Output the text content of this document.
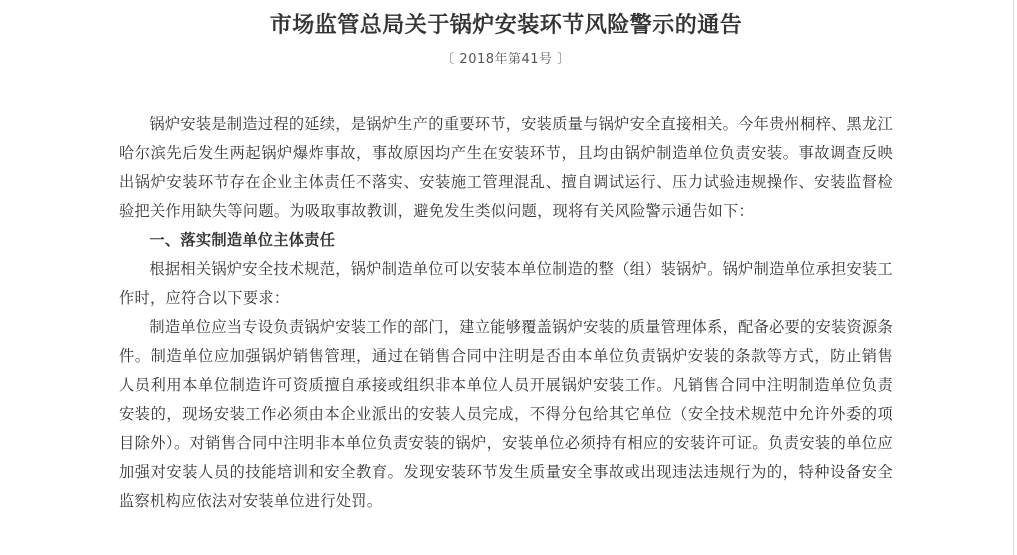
市场监管总局关于锅炉安装环节风险警示的通告
〔 2018年第41号 〕

锅炉安装是制造过程的延续，是锅炉生产的重要环节，安装质量与锅炉安全直接相关。今年贵州桐梓、黑龙江哈尔滨先后发生两起锅炉爆炸事故，事故原因均产生在安装环节，且均由锅炉制造单位负责安装。事故调查反映出锅炉安装环节存在企业主体责任不落实、安装施工管理混乱、擅自调试运行、压力试验违规操作、安装监督检验把关作用缺失等问题。为吸取事故教训，避免发生类似问题，现将有关风险警示通告如下：

一、落实制造单位主体责任

根据相关锅炉安全技术规范，锅炉制造单位可以安装本单位制造的整（组）装锅炉。锅炉制造单位承担安装工作时，应符合以下要求：

制造单位应当专设负责锅炉安装工作的部门，建立能够覆盖锅炉安装的质量管理体系，配备必要的安装资源条件。制造单位应加强锅炉销售管理，通过在销售合同中注明是否由本单位负责锅炉安装的条款等方式，防止销售人员利用本单位制造许可资质擅自承接或组织非本单位人员开展锅炉安装工作。凡销售合同中注明制造单位负责安装的，现场安装工作必须由本企业派出的安装人员完成，不得分包给其它单位（安全技术规范中允许外委的项目除外）。对销售合同中注明非本单位负责安装的锅炉，安装单位必须持有相应的安装许可证。负责安装的单位应加强对安装人员的技能培训和安全教育。发现安装环节发生质量安全事故或出现违法违规行为的，特种设备安全监察机构应依法对安装单位进行处罚。
